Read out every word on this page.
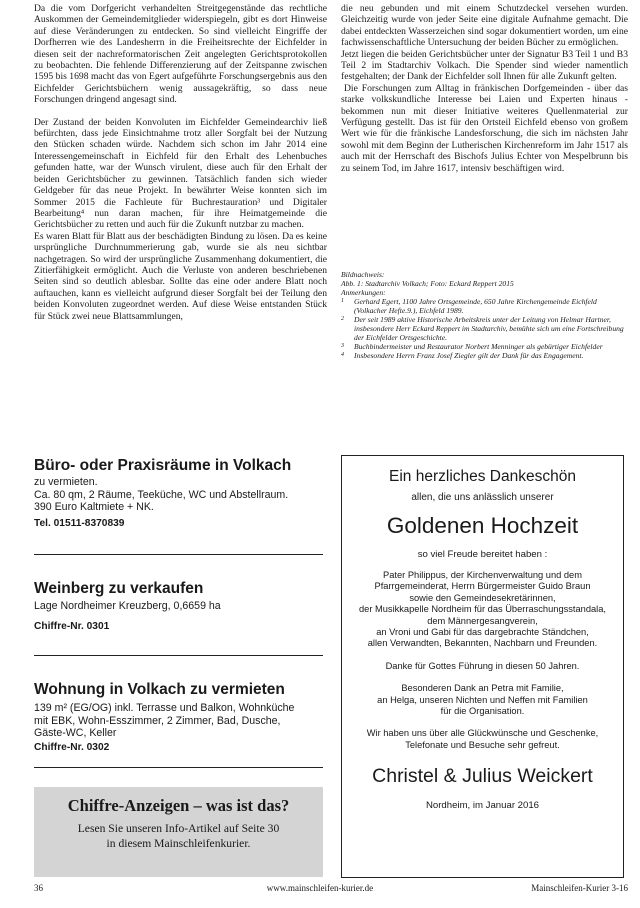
Da die vom Dorfgericht verhandelten Streitgegenstände das rechtliche Auskommen der Gemeindemitglieder widerspiegeln, gibt es dort Hinweise auf diese Veränderungen zu entdecken. So sind vielleicht Eingriffe der Dorfherren wie des Landesherrn in die Freiheitsrechte der Eichfelder in diesen seit der nachreformatorischen Zeit angelegten Gerichtsprotokollen zu beobachten. Die fehlende Differenzierung auf der Zeitspanne zwischen 1595 bis 1698 macht das von Egert aufgeführte Forschungsergebnis aus den Eichfelder Gerichtsbüchern wenig aussagekräftig, so dass neue Forschungen dringend angesagt sind.

Der Zustand der beiden Konvoluten im Eichfelder Gemeindearchiv ließ befürchten, dass jede Einsichtnahme trotz aller Sorgfalt bei der Nutzung den Stücken schaden würde. Nachdem sich schon im Jahr 2014 eine Interessengemeinschaft in Eichfeld für den Erhalt des Lehenbuches gefunden hatte, war der Wunsch virulent, diese auch für den Erhalt der beiden Gerichtsbücher zu gewinnen. Tatsächlich fanden sich wieder Geldgeber für das neue Projekt. In bewährter Weise konnten sich im Sommer 2015 die Fachleute für Buchrestauration³ und Digitaler Bearbeitung⁴ nun daran machen, für ihre Heimatgemeinde die Gerichtsbücher zu retten und auch für die Zukunft nutzbar zu machen.

Es waren Blatt für Blatt aus der beschädigten Bindung zu lösen. Da es keine ursprüngliche Durchnummerierung gab, wurde sie als neu sichtbar nachgetragen. So wird der ursprüngliche Zusammenhang dokumentiert, die Zitierfähigkeit ermöglicht. Auch die Verluste von anderen beschriebenen Seiten sind so deutlich ablesbar. Sollte das eine oder andere Blatt noch auftauchen, kann es vielleicht aufgrund dieser Sorgfalt bei der Teilung den beiden Konvoluten zugeordnet werden. Auf diese Weise entstanden Stück für Stück zwei neue Blattsammlungen,

die neu gebunden und mit einem Schutzdeckel versehen wurden. Gleichzeitig wurde von jeder Seite eine digitale Aufnahme gemacht. Die dabei entdeckten Wasserzeichen sind sogar dokumentiert worden, um eine fachwissenschaftliche Untersuchung der beiden Bücher zu ermöglichen.

Jetzt liegen die beiden Gerichtsbücher unter der Signatur B3 Teil 1 und B3 Teil 2 im Stadtarchiv Volkach. Die Spender sind wieder namentlich festgehalten; der Dank der Eichfelder soll Ihnen für alle Zukunft gelten.

Die Forschungen zum Alltag in fränkischen Dorfgemeinden - über das starke volkskundliche Interesse bei Laien und Experten hinaus - bekommen nun mit dieser Initiative weiteres Quellenmaterial zur Verfügung gestellt. Das ist für den Ortsteil Eichfeld ebenso von großem Wert wie für die fränkische Landesforschung, die sich im nächsten Jahr sowohl mit dem Beginn der Lutherischen Kirchenreform im Jahr 1517 als auch mit der Herrschaft des Bischofs Julius Echter von Mespelbrunn bis zu seinem Tod, im Jahre 1617, intensiv beschäftigen wird.

Bildnachweis:
Abb. 1: Stadtarchiv Volkach; Foto: Eckard Reppert 2015
Anmerkungen:
1	Gerhard Egert, 1100 Jahre Ortsgemeinde, 650 Jahre Kirchengemeinde Eichfeld (Volkacher Hefte.9.), Eichfeld 1989.
2	Der seit 1989 aktive Historische Arbeitskreis unter der Leitung von Helmar Hartner, insbesondere Herr Eckard Reppert im Stadtarchiv, bemühte sich um eine Fortschreibung der Eichfelder Ortsgeschichte.
3	Buchbindermeister und Restaurator Norbert Menninger als gebürtiger Eichfelder
4	Insbesondere Herrn Franz Josef Ziegler gilt der Dank für das Engagement.
Büro- oder Praxisräume in Volkach
zu vermieten.
Ca. 80 qm, 2 Räume, Teeküche, WC und Abstellraum.
390 Euro Kaltmiete + NK.
Tel. 01511-8370839
Weinberg zu verkaufen
Lage Nordheimer Kreuzberg, 0,6659 ha
Chiffre-Nr. 0301
Wohnung in Volkach zu vermieten
139 m² (EG/OG) inkl. Terrasse und Balkon, Wohnküche
mit EBK, Wohn-Esszimmer, 2 Zimmer, Bad, Dusche,
Gäste-WC, Keller
Chiffre-Nr. 0302
Chiffre-Anzeigen – was ist das?
Lesen Sie unseren Info-Artikel auf Seite 30
in diesem Mainschleifenkurier.
Ein herzliches Dankeschön
allen, die uns anlässlich unserer
Goldenen Hochzeit
so viel Freude bereitet haben :
Pater Philippus, der Kirchenverwaltung und dem
Pfarrgemeinderat, Herrn Bürgermeister Guido Braun
sowie den Gemeindesekretärinnen,
der Musikkapelle Nordheim für das Überraschungsstandala,
dem Männergesangverein,
an Vroni und Gabi für das dargebrachte Ständchen,
allen Verwandten, Bekannten, Nachbarn und Freunden.
Danke für Gottes Führung in diesen 50 Jahren.
Besonderen Dank an Petra mit Familie,
an Helga, unseren Nichten und Neffen mit Familien
für die Organisation.
Wir haben uns über alle Glückwünsche und Geschenke,
Telefonate und Besuche sehr gefreut.
Christel & Julius Weickert
Nordheim, im Januar 2016
36	www.mainschleifen-kurier.de	Mainschleifen-Kurier 3-16
